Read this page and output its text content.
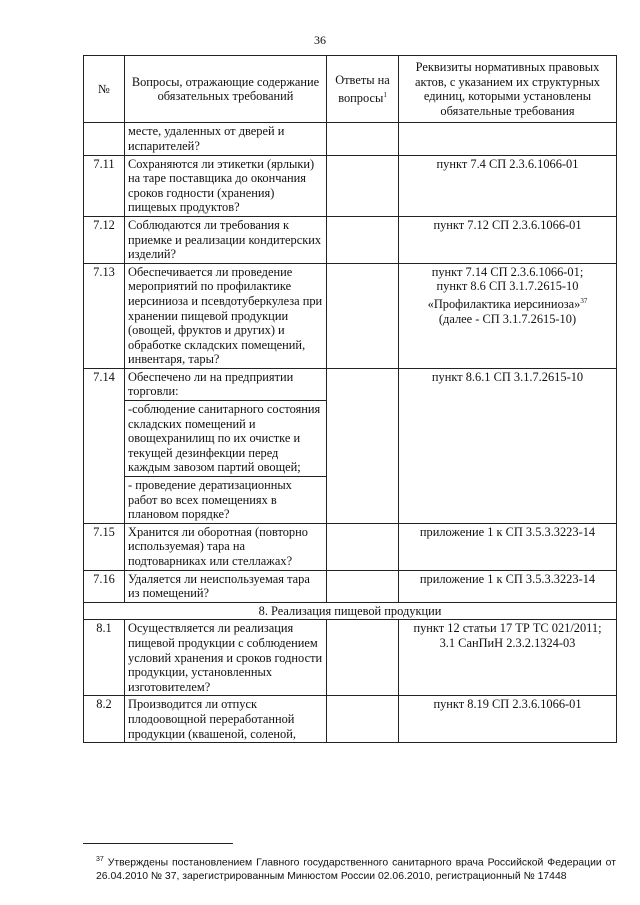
36
№	Вопросы, отражающие содержание обязательных требований	Ответы на вопросы$^1$	Реквизиты нормативных правовых актов, с указанием их структурных единиц, которыми установлены обязательные требования
	месте, удаленных от дверей и испарителей?		
7.11	Сохраняются ли этикетки (ярлыки) на таре поставщика до окончания сроков годности (хранения) пищевых продуктов?		пункт 7.4 СП 2.3.6.1066-01

7.12	Соблюдаются ли требования к приемке и реализации кондитерских изделий?		пункт 7.12 СП 2.3.6.1066-01

7.13	Обеспечивается ли проведение мероприятий по профилактике иерсиниоза и псевдотуберкулеза при хранении пищевой продукции (овощей, фруктов и других) и обработке складских помещений, инвентаря, тары?		пункт 7.14 СП 2.3.6.1066-01;
пункт 8.6 СП 3.1.7.2615-10
«Профилактика иерсиниоза»$^{37}$
(далее - СП 3.1.7.2615-10)

7.14	Обеспечено ли на предприятии торговли:		пункт 8.6.1 СП 3.1.7.2615-10

	-соблюдение санитарного состояния складских помещений и овощехранилищ по их очистке и текущей дезинфекции перед каждым завозом партий овощей;		
	- проведение дератизационных работ во всех помещениях в плановом порядке?		
7.15	Хранится ли оборотная (повторно используемая) тара на подтоварниках или стеллажах?		приложение 1 к СП 3.5.3.3223-14

7.16	Удаляется ли неиспользуемая тара из помещений?		приложение 1 к СП 3.5.3.3223-14

8. Реализация пищевой продукции			
8.1	Осуществляется ли реализация пищевой продукции с соблюдением условий хранения и сроков годности продукции, установленных изготовителем?		пункт 12 статьи 17 ТР ТС 021/2011;
3.1 СанПиН 2.3.2.1324-03

8.2	Производится ли отпуск плодоовощной переработанной продукции (квашеной, соленой,		пункт 8.19 СП 2.3.6.1066-01
$^{37}$ Утверждены постановлением Главного государственного санитарного врача Российской Федерации от 26.04.2010 № 37, зарегистрированным Минюстом России 02.06.2010, регистрационный № 17448
